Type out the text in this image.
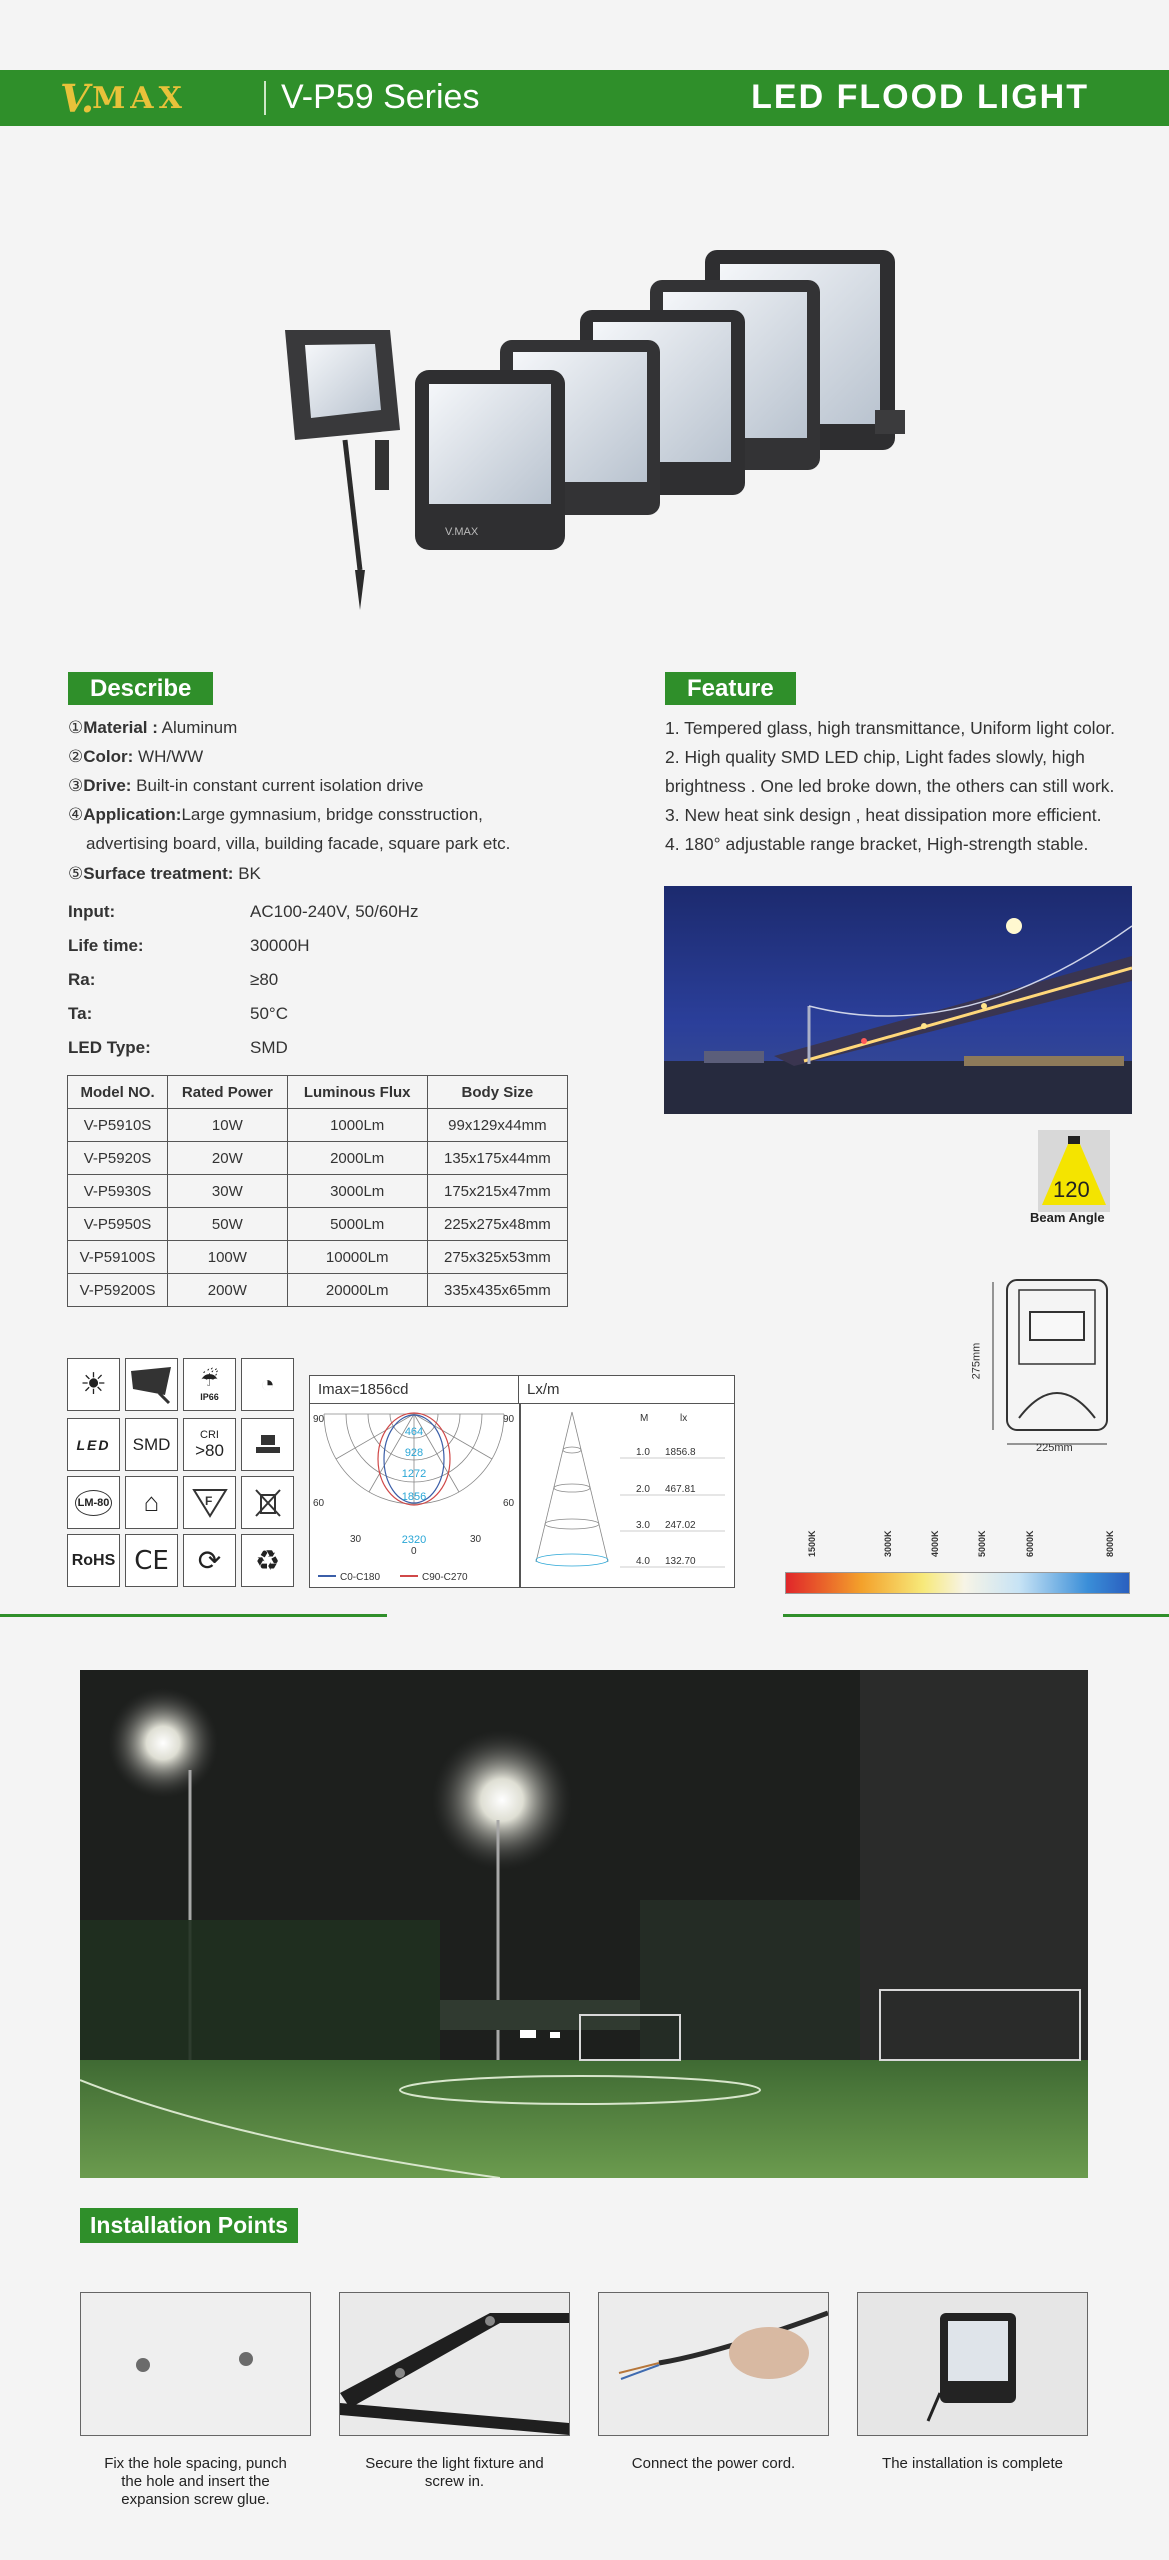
V. MAX	V-P59 Series	LED FLOOD LIGHT
V.MAX
Describe
①Material : Aluminum
②Color: WH/WW
③Drive: Built-in constant current isolation drive
④Application:Large gymnasium, bridge consstruction,
advertising board, villa, building facade, square park etc.
⑤Surface treatment: BK
Input:	AC100-240V, 50/60Hz
Life time:	30000H
Ra:	≥80
Ta:	50°C
LED Type:	SMD
Model NO.	Rated Power	Luminous Flux	Body Size
V-P5910S	10W	1000Lm	99x129x44mm
V-P5920S	20W	2000Lm	135x175x44mm
V-P5930S	30W	3000Lm	175x215x47mm
V-P5950S	50W	5000Lm	225x275x48mm
V-P59100S	100W	10000Lm	275x325x53mm
V-P59200S	200W	20000Lm	335x435x65mm
Feature
1. Tempered glass, high transmittance, Uniform light color.
2. High quality SMD LED chip, Light fades slowly, high
brightness . One led broke down, the others can still work.
3. New heat sink design , heat dissipation more efficient.
4. 180° adjustable range bracket, High-strength stable.
120
Beam Angle
☀	☔
IP66 ◔
LED SMD	CRI
>80
LM-80 ⌂	F
RoHS CE ⟳ ♻
Imax=1856cd	Lx/m
464
928
1272
1856
2320
90	90
60	60
30	30
0
C0-C180	C90-C270
M	lx
1.0 1856.8
2.0 467.81
3.0 247.02
4.0 132.70
275mm
225mm
1500K	3000K	4000K	5000K	6000K	8000K
Installation Points
Fix the hole spacing, punch
the hole and insert the
expansion screw glue.
Secure the light fixture and
screw in.
Connect the power cord.	The installation is complete
